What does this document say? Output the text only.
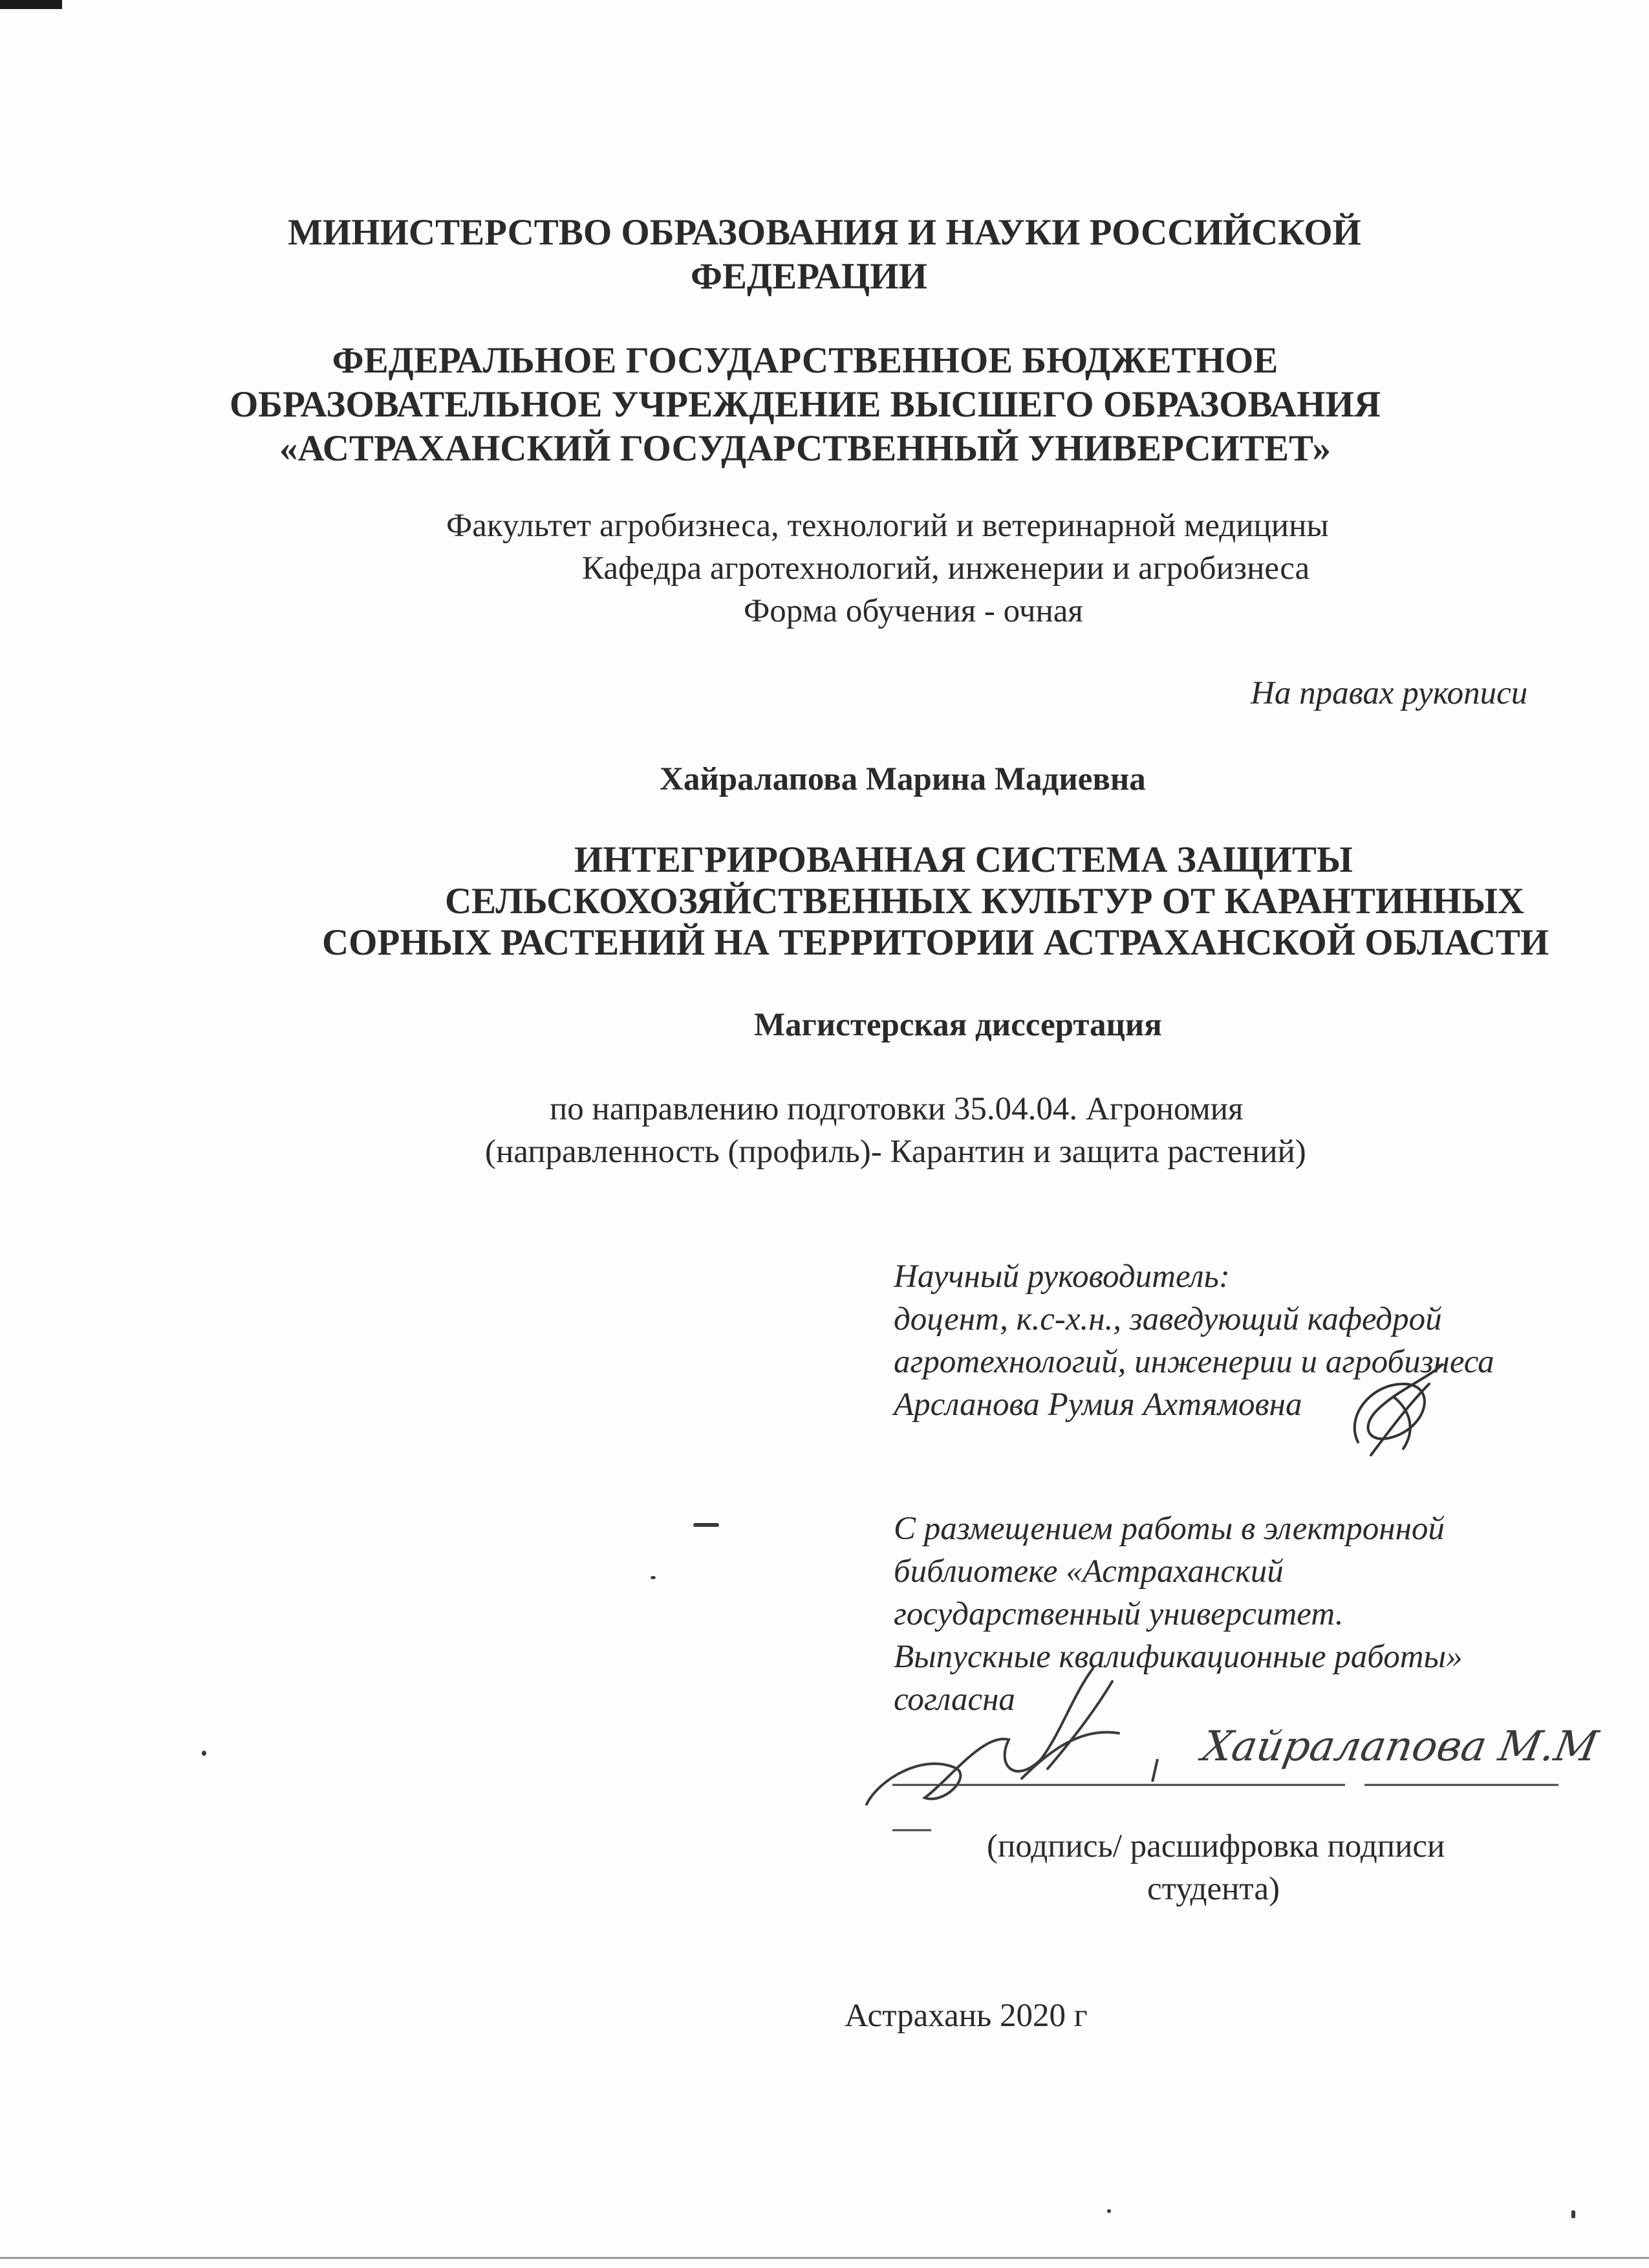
МИНИСТЕРСТВО ОБРАЗОВАНИЯ И НАУКИ РОССИЙСКОЙ
ФЕДЕРАЦИИ
ФЕДЕРАЛЬНОЕ ГОСУДАРСТВЕННОЕ БЮДЖЕТНОЕ
ОБРАЗОВАТЕЛЬНОЕ УЧРЕЖДЕНИЕ ВЫСШЕГО ОБРАЗОВАНИЯ
«АСТРАХАНСКИЙ ГОСУДАРСТВЕННЫЙ УНИВЕРСИТЕТ»
Факультет агробизнеса, технологий и ветеринарной медицины
Кафедра агротехнологий, инженерии и агробизнеса
Форма обучения - очная
На правах рукописи
Хайралапова Марина Мадиевна
ИНТЕГРИРОВАННАЯ СИСТЕМА ЗАЩИТЫ
СЕЛЬСКОХОЗЯЙСТВЕННЫХ КУЛЬТУР ОТ КАРАНТИННЫХ
СОРНЫХ РАСТЕНИЙ НА ТЕРРИТОРИИ АСТРАХАНСКОЙ ОБЛАСТИ
Магистерская диссертация
по направлению подготовки 35.04.04. Агрономия
(направленность (профиль)- Карантин и защита растений)
Научный руководитель:
доцент, к.с-х.н., заведующий кафедрой
агротехнологий, инженерии и агробизнеса
Арсланова Румия Ахтямовна
С размещением работы в электронной
библиотеке «Астраханский
государственный университет.
Выпускные квалификационные работы»
согласна
Хайралапова М.М
(подпись/ расшифровка подписи
студента)
Астрахань 2020 г
